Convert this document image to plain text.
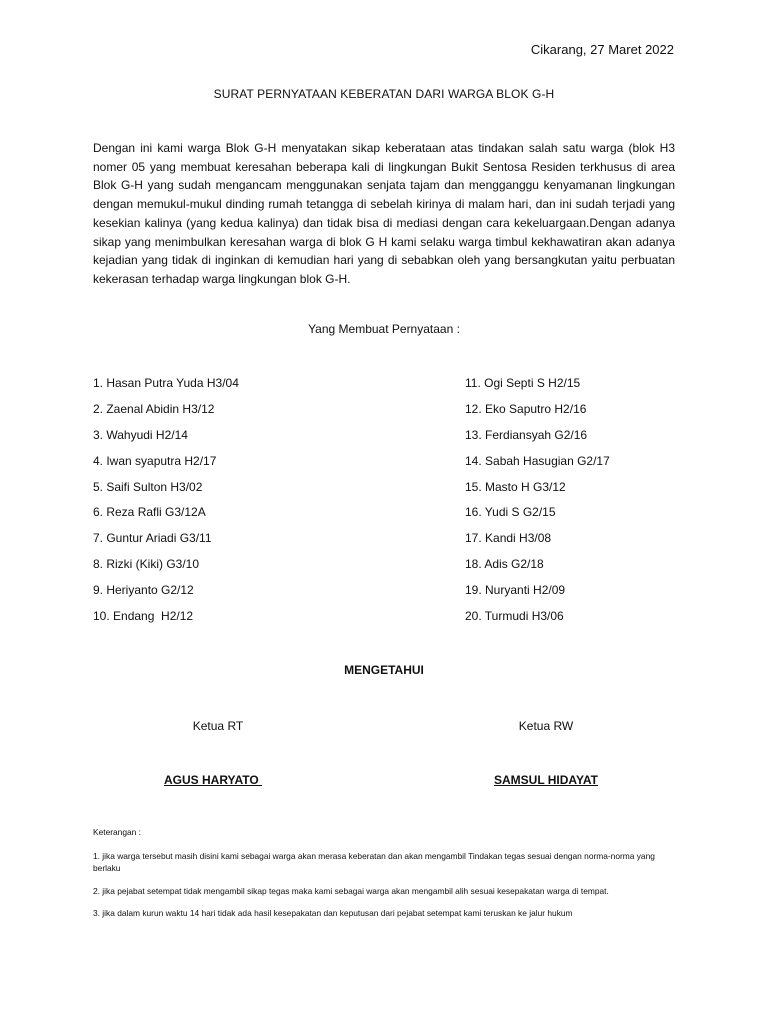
Cikarang, 27 Maret 2022
SURAT PERNYATAAN KEBERATAN DARI WARGA BLOK G-H
Dengan ini kami warga Blok G-H menyatakan sikap keberataan atas tindakan salah satu warga (blok H3 nomer 05 yang membuat keresahan beberapa kali di lingkungan Bukit Sentosa Residen terkhusus di area Blok G-H yang sudah mengancam menggunakan senjata tajam dan mengganggu kenyamanan lingkungan dengan memukul-mukul dinding rumah tetangga di sebelah kirinya di malam hari, dan ini sudah terjadi yang kesekian kalinya (yang kedua kalinya) dan tidak bisa di mediasi dengan cara kekeluargaan.Dengan adanya sikap yang menimbulkan keresahan warga di blok G H kami selaku warga timbul kekhawatiran akan adanya kejadian yang tidak di inginkan di kemudian hari yang di sebabkan oleh yang bersangkutan yaitu perbuatan kekerasan terhadap warga lingkungan blok G-H.
Yang Membuat Pernyataan :
1. Hasan Putra Yuda H3/04
2. Zaenal Abidin H3/12
3. Wahyudi H2/14
4. Iwan syaputra H2/17
5. Saifi Sulton H3/02
6. Reza Rafli G3/12A
7. Guntur Ariadi G3/11
8. Rizki (Kiki) G3/10
9. Heriyanto G2/12
10. Endang  H2/12
11. Ogi Septi S H2/15
12. Eko Saputro H2/16
13. Ferdiansyah G2/16
14. Sabah Hasugian G2/17
15. Masto H G3/12
16. Yudi S G2/15
17. Kandi H3/08
18. Adis G2/18
19. Nuryanti H2/09
20. Turmudi H3/06
MENGETAHUI
Ketua RT	Ketua RW
AGUS HARYATO	SAMSUL HIDAYAT
Keterangan :
1. jika warga tersebut masih disini kami sebagai warga akan merasa keberatan dan akan mengambil Tindakan tegas sesuai dengan norma-norma yang berlaku
2. jika pejabat setempat tidak mengambil sikap tegas maka kami sebagai warga akan mengambil alih sesuai kesepakatan warga di tempat.
3. jika dalam kurun waktu 14 hari tidak ada hasil kesepakatan dan keputusan dari pejabat setempat kami teruskan ke jalur hukum
